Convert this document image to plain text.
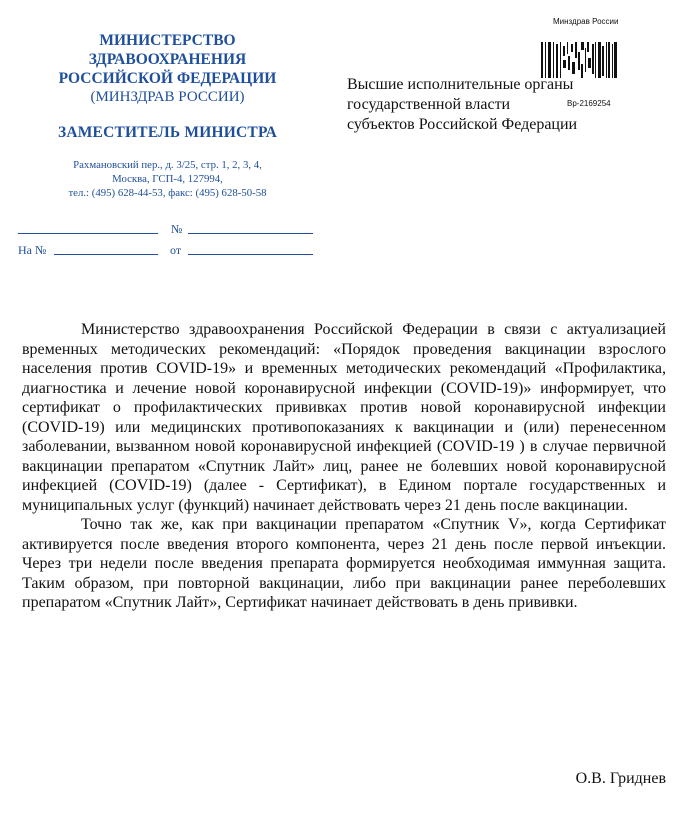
МИНИСТЕРСТВО
ЗДРАВООХРАНЕНИЯ
РОССИЙСКОЙ ФЕДЕРАЦИИ
(МИНЗДРАВ РОССИИ)
ЗАМЕСТИТЕЛЬ МИНИСТРА
Рахмановский пер., д. 3/25, стр. 1, 2, 3, 4,
Москва, ГСП-4, 127994,
тел.: (495) 628-44-53, факс: (495) 628-50-58
№
На №	от
Минздрав России
Вр-2169254
Высшие исполнительные органы
государственной власти
субъектов Российской Федерации

Министерство здравоохранения Российской Федерации в связи с актуализацией временных методических рекомендаций: «Порядок проведения вакцинации взрослого населения против COVID-19» и временных методических рекомендаций «Профилактика, диагностика и лечение новой коронавирусной инфекции (COVID-19)» информирует, что сертификат о профилактических прививках против новой коронавирусной инфекции (COVID-19) или медицинских противопоказаниях к вакцинации и (или) перенесенном заболевании, вызванном новой коронавирусной инфекцией (COVID-19 ) в случае первичной вакцинации препаратом «Спутник Лайт» лиц, ранее не болевших новой коронавирусной инфекцией (COVID-19) (далее - Сертификат), в Едином портале государственных и муниципальных услуг (функций) начинает действовать через 21 день после вакцинации.

Точно так же, как при вакцинации препаратом «Спутник V», когда Сертификат активируется после введения второго компонента, через 21 день после первой инъекции. Через три недели после введения препарата формируется необходимая иммунная защита. Таким образом, при повторной вакцинации, либо при вакцинации ранее переболевших препаратом «Спутник Лайт», Сертификат начинает действовать в день прививки.

О.В. Гриднев
